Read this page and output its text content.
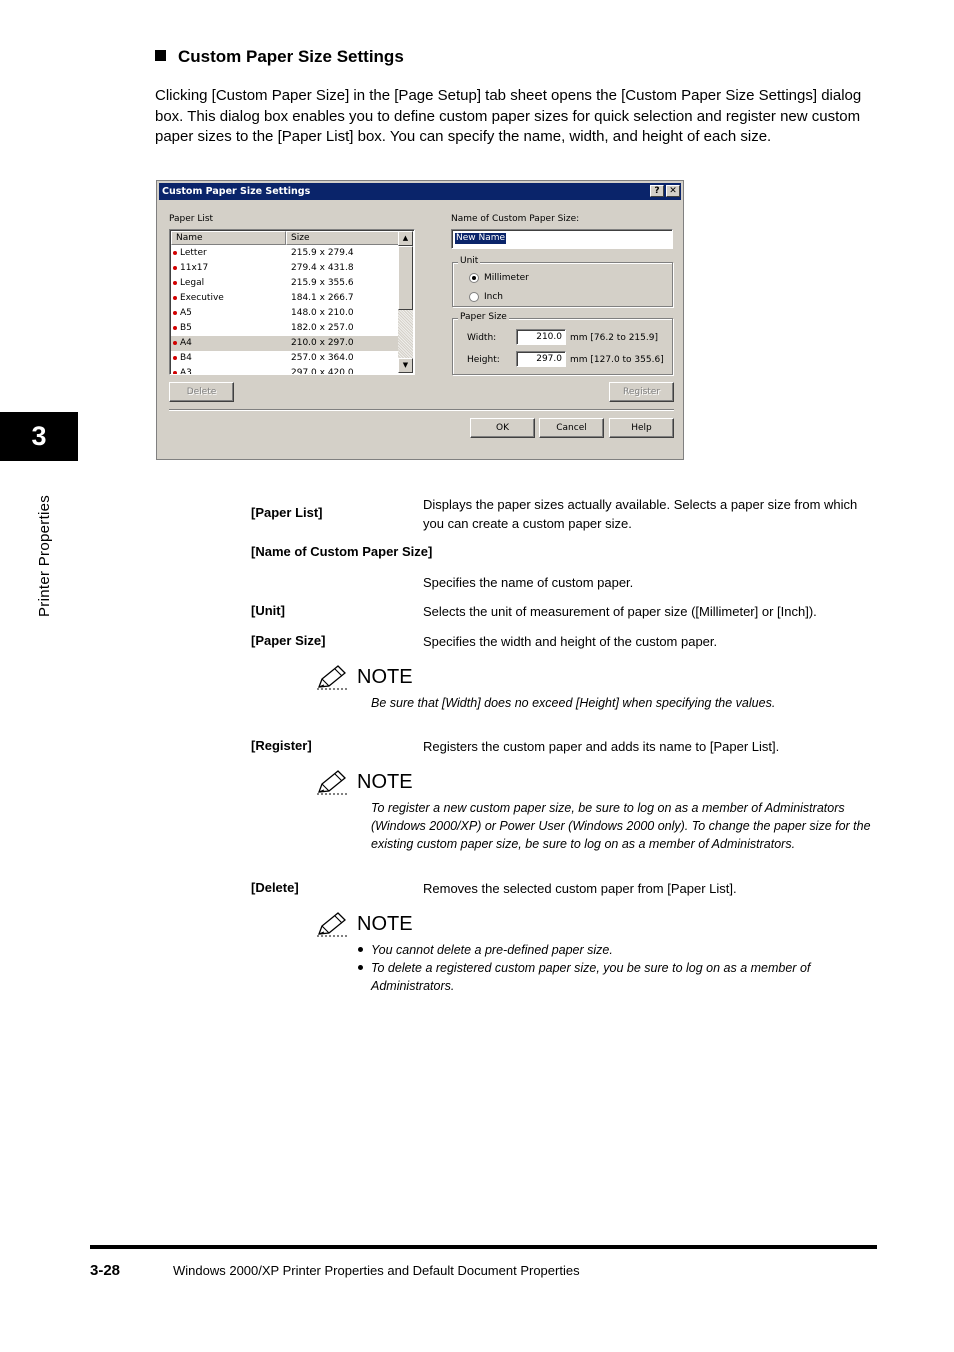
3
Printer Properties
Custom Paper Size Settings
Clicking [Custom Paper Size] in the [Page Setup] tab sheet opens the [Custom Paper Size Settings] dialog box. This dialog box enables you to define custom paper sizes for quick selection and register new custom paper sizes to the [Paper List] box. You can specify the name, width, and height of each size.
Custom Paper Size Settings	?	✕
Paper List
Name	Size
Letter	215.9 x 279.4
11x17	279.4 x 431.8
Legal	215.9 x 355.6
Executive	184.1 x 266.7
A5	148.0 x 210.0
B5	182.0 x 257.0
A4	210.0 x 297.0
B4	257.0 x 364.0
A3	297.0 x 420.0
▲
▼
Name of Custom Paper Size:
New Name
Unit
Millimeter
Inch
Paper Size
Width:	210.0 mm [76.2 to 215.9]
Height:	297.0 mm [127.0 to 355.6]
Delete	Register
OK	Cancel	Help
[Paper List]
Displays the paper sizes actually available. Selects a paper size from which you can create a custom paper size.
[Name of Custom Paper Size]
Specifies the name of custom paper.
[Unit]	Selects the unit of measurement of paper size ([Millimeter] or [Inch]).
[Paper Size]	Specifies the width and height of the custom paper.
NOTE
Be sure that [Width] does no exceed [Height] when specifying the values.
[Register]	Registers the custom paper and adds its name to [Paper List].
NOTE
To register a new custom paper size, be sure to log on as a member of Administrators (Windows 2000/XP) or Power User (Windows 2000 only). To change the paper size for the existing custom paper size, be sure to log on as a member of Administrators.
[Delete]	Removes the selected custom paper from [Paper List].
NOTE
You cannot delete a pre-defined paper size.
To delete a registered custom paper size, you be sure to log on as a member of Administrators.
3-28	Windows 2000/XP Printer Properties and Default Document Properties
